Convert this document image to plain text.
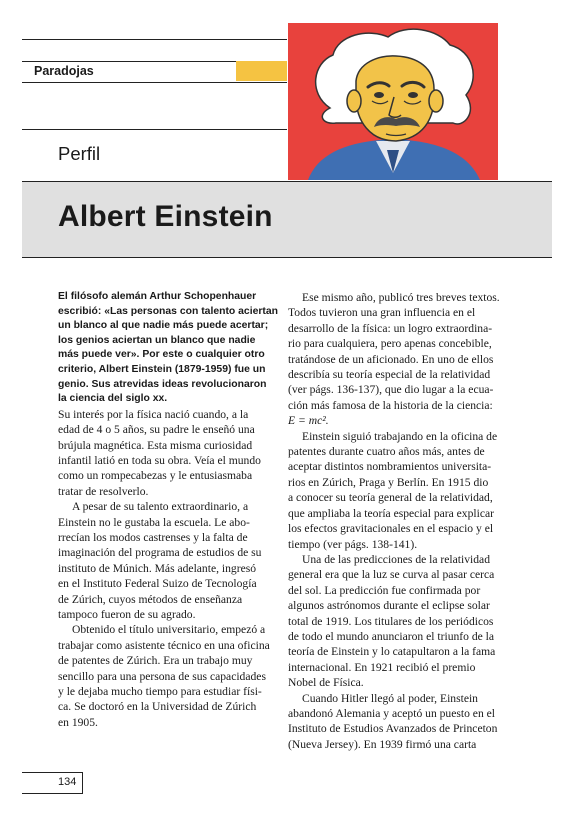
Paradojas
Perfil
Albert Einstein

El filósofo alemán Arthur Schopenhauer
escribió: «Las personas con talento aciertan
un blanco al que nadie más puede acertar;
los genios aciertan un blanco que nadie
más puede ver». Por este o cualquier otro
criterio, Albert Einstein (1879-1959) fue un
genio. Sus atrevidas ideas revolucionaron
la ciencia del siglo xx.

Su interés por la física nació cuando, a la
edad de 4 o 5 años, su padre le enseñó una
brújula magnética. Esta misma curiosidad
infantil latió en toda su obra. Veía el mundo
como un rompecabezas y le entusiasmaba
tratar de resolverlo.

A pesar de su talento extraordinario, a
Einstein no le gustaba la escuela. Le abo-
rrecían los modos castrenses y la falta de
imaginación del programa de estudios de su
instituto de Múnich. Más adelante, ingresó
en el Instituto Federal Suizo de Tecnología
de Zúrich, cuyos métodos de enseñanza
tampoco fueron de su agrado.

Obtenido el título universitario, empezó a
trabajar como asistente técnico en una oficina
de patentes de Zúrich. Era un trabajo muy
sencillo para una persona de sus capacidades
y le dejaba mucho tiempo para estudiar físi-
ca. Se doctoró en la Universidad de Zúrich
en 1905.

Ese mismo año, publicó tres breves textos.
Todos tuvieron una gran influencia en el
desarrollo de la física: un logro extraordina-
rio para cualquiera, pero apenas concebible,
tratándose de un aficionado. En uno de ellos
describía su teoría especial de la relatividad
(ver págs. 136-137), que dio lugar a la ecua-
ción más famosa de la historia de la ciencia:
E = mc².

Einstein siguió trabajando en la oficina de
patentes durante cuatro años más, antes de
aceptar distintos nombramientos universita-
rios en Zúrich, Praga y Berlín. En 1915 dio
a conocer su teoría general de la relatividad,
que ampliaba la teoría especial para explicar
los efectos gravitacionales en el espacio y el
tiempo (ver págs. 138-141).

Una de las predicciones de la relatividad
general era que la luz se curva al pasar cerca
del sol. La predicción fue confirmada por
algunos astrónomos durante el eclipse solar
total de 1919. Los titulares de los periódicos
de todo el mundo anunciaron el triunfo de la
teoría de Einstein y lo catapultaron a la fama
internacional. En 1921 recibió el premio
Nobel de Física.

Cuando Hitler llegó al poder, Einstein
abandonó Alemania y aceptó un puesto en el
Instituto de Estudios Avanzados de Princeton
(Nueva Jersey). En 1939 firmó una carta

134
